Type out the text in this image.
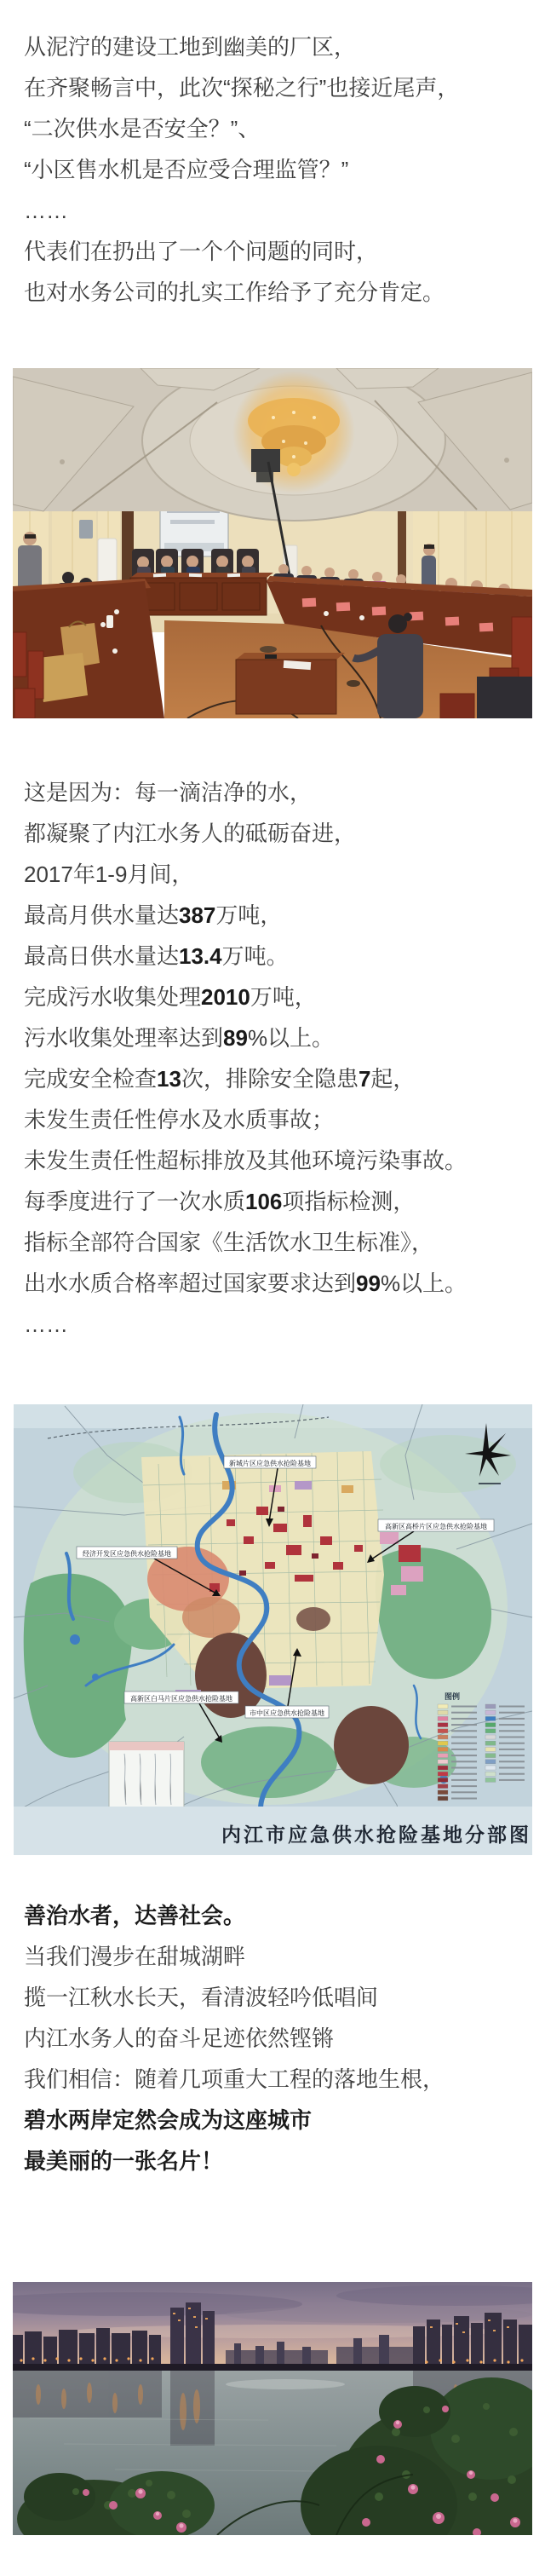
从泥泞的建设工地到幽美的厂区，

在齐聚畅言中，此次“探秘之行”也接近尾声，

“二次供水是否安全？”、

“小区售水机是否应受合理监管？”

……

代表们在扔出了一个个问题的同时，

也对水务公司的扎实工作给予了充分肯定。

这是因为：每一滴洁净的水，

都凝聚了内江水务人的砥砺奋进，

2017年1-9月间，

最高月供水量达387万吨，

最高日供水量达13.4万吨。

完成污水收集处理2010万吨，

污水收集处理率达到89%以上。

完成安全检查13次，排除安全隐患7起，

未发生责任性停水及水质事故；

未发生责任性超标排放及其他环境污染事故。

每季度进行了一次水质106项指标检测，

指标全部符合国家《生活饮水卫生标准》，

出水水质合格率超过国家要求达到99%以上。

……

新城片区应急供水抢险基地
高新区高桥片区应急供水抢险基地
经济开发区应急供水抢险基地
市中区应急供水抢险基地
高新区白马片区应急供水抢险基地	图例
内江市应急供水抢险基地分部图

善治水者，达善社会。

当我们漫步在甜城湖畔

揽一江秋水长天，看清波轻吟低唱间

内江水务人的奋斗足迹依然铿锵

我们相信：随着几项重大工程的落地生根，

碧水两岸定然会成为这座城市

最美丽的一张名片！
